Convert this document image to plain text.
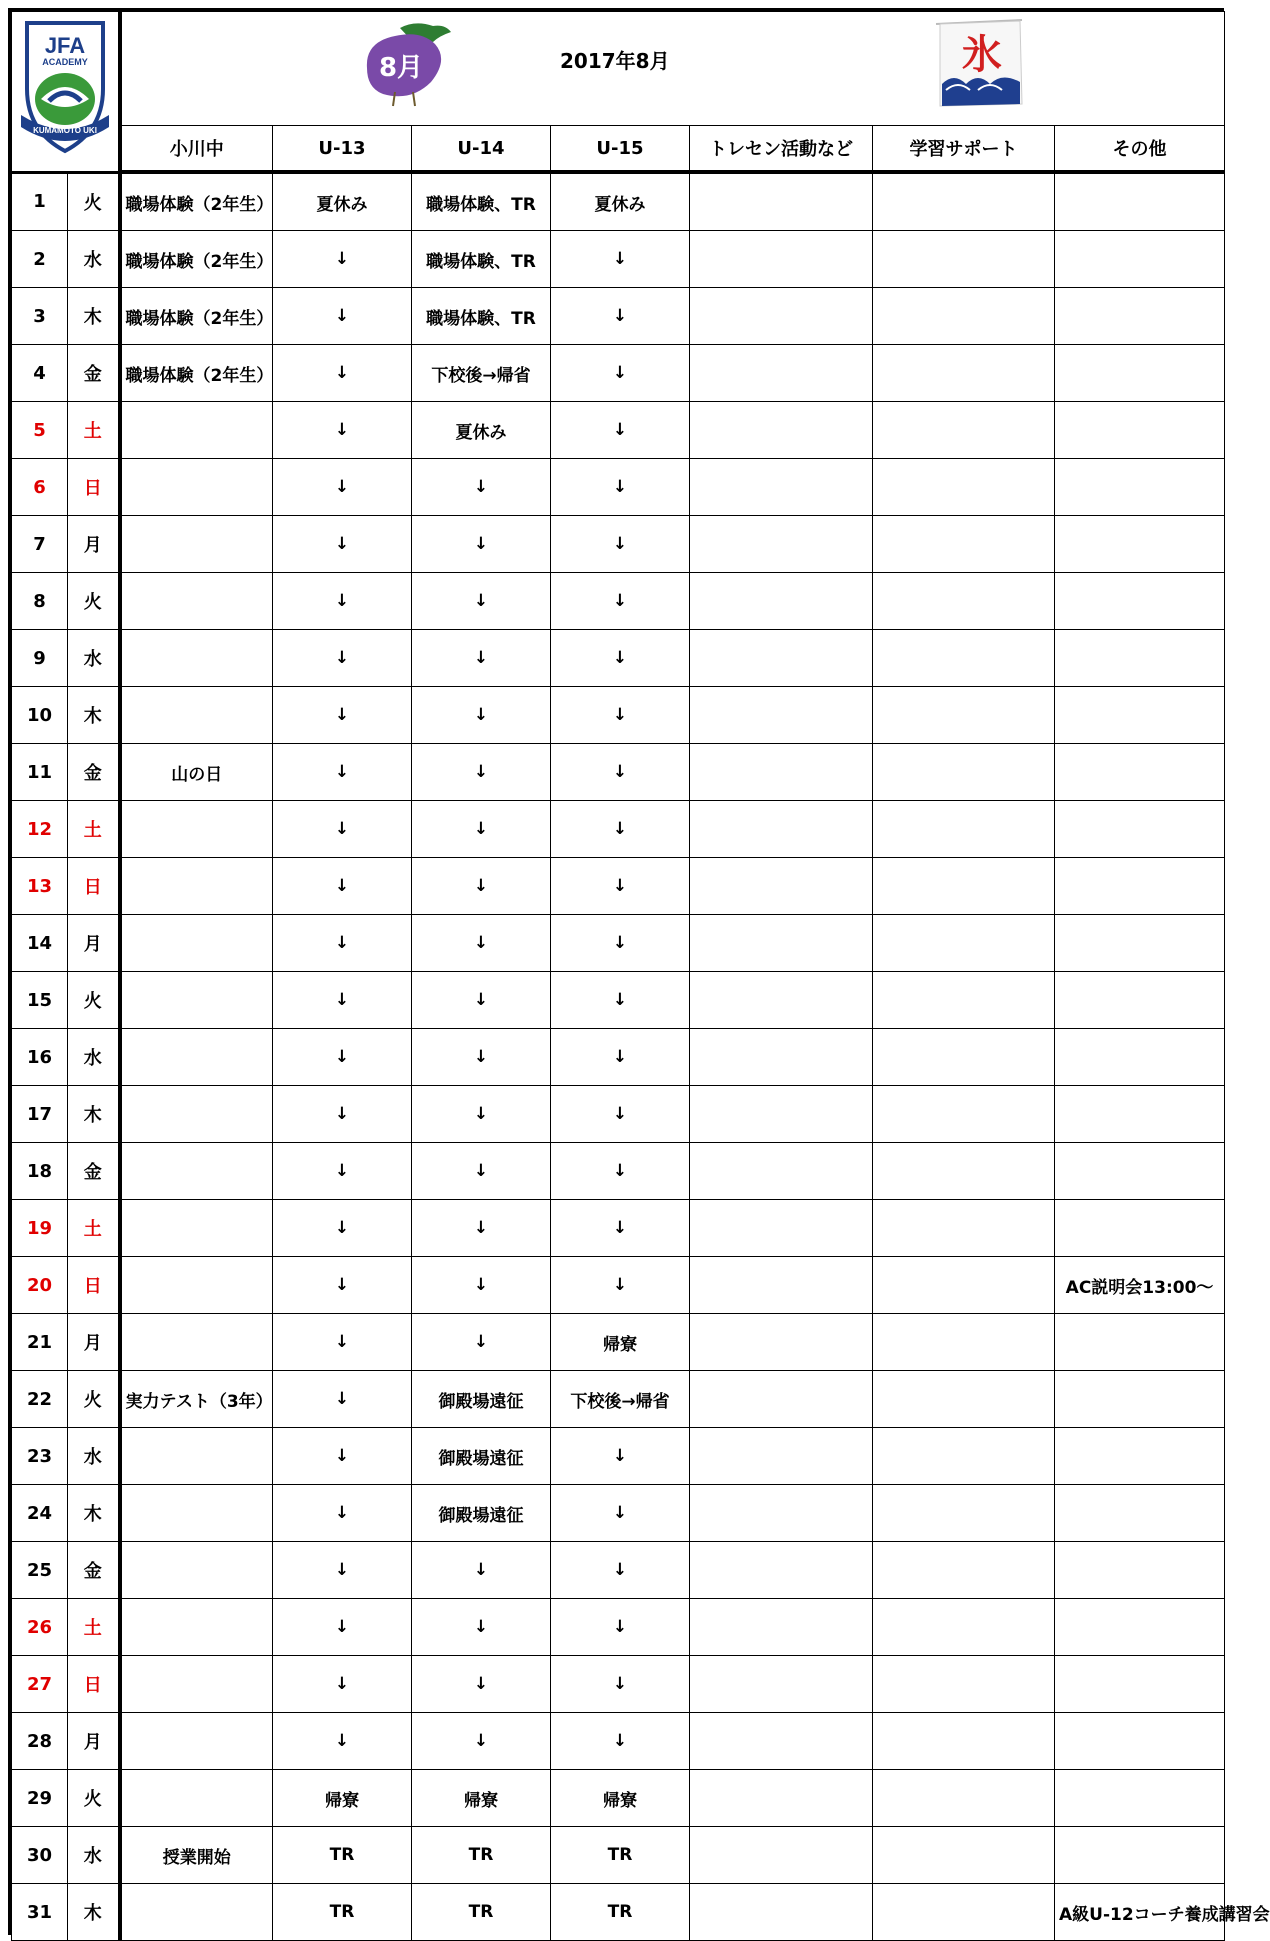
JFA
ACADEMY
KUMAMOTO UKI		8月 2017年8月 氷						

		小川中	U-13	U-14	U-15	トレセン活動など	学習サポート	その他
1	火	職場体験（2年生）	夏休み	職場体験、TR	夏休み			
2	水	職場体験（2年生）	↓	職場体験、TR	↓			
3	木	職場体験（2年生）	↓	職場体験、TR	↓			
4	金	職場体験（2年生）	↓	下校後→帰省	↓			
5	土		↓	夏休み	↓			
6	日		↓	↓	↓			
7	月		↓	↓	↓			
8	火		↓	↓	↓			
9	水		↓	↓	↓			
10	木		↓	↓	↓			
11	金	山の日	↓	↓	↓			
12	土		↓	↓	↓			
13	日		↓	↓	↓			
14	月		↓	↓	↓			
15	火		↓	↓	↓			
16	水		↓	↓	↓			
17	木		↓	↓	↓			
18	金		↓	↓	↓			
19	土		↓	↓	↓			
20	日		↓	↓	↓			AC説明会13:00～
21	月		↓	↓	帰寮			
22	火	実力テスト（3年）	↓	御殿場遠征	下校後→帰省			
23	水		↓	御殿場遠征	↓			
24	木		↓	御殿場遠征	↓			
25	金		↓	↓	↓			
26	土		↓	↓	↓			
27	日		↓	↓	↓			
28	月		↓	↓	↓			
29	火		帰寮	帰寮	帰寮			
30	水	授業開始	TR	TR	TR			
31	木		TR	TR	TR			A級U-12コーチ養成講習会
